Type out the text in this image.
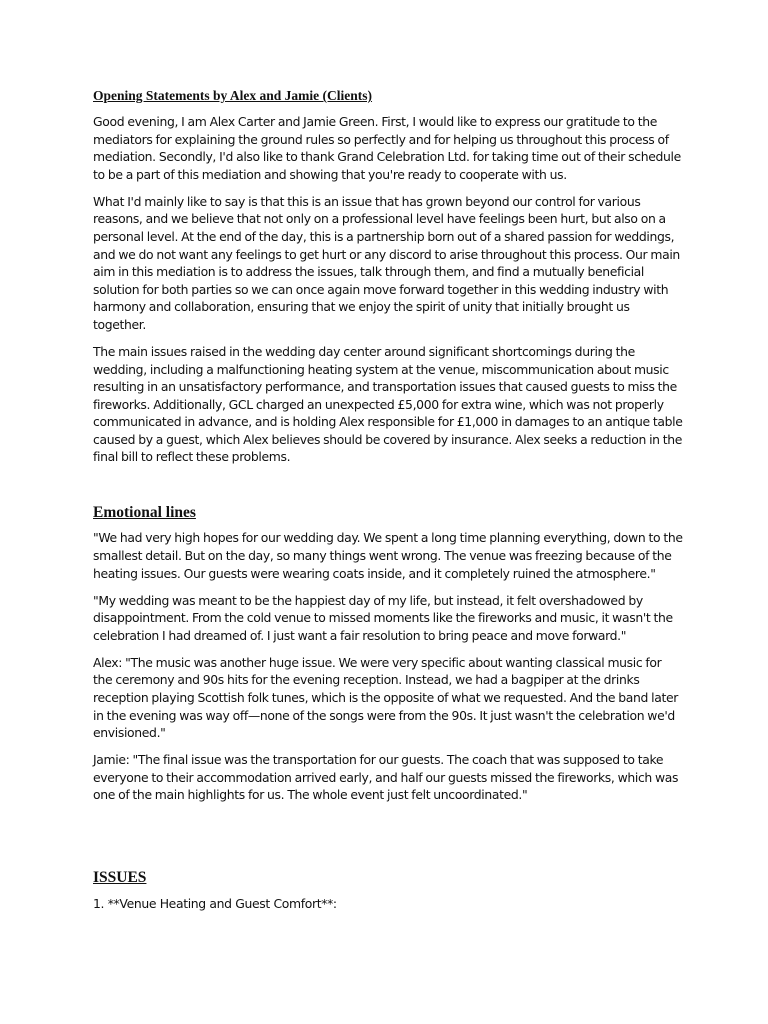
Opening Statements by Alex and Jamie (Clients)

Good evening, I am Alex Carter and Jamie Green. First, I would like to express our gratitude to the mediators for explaining the ground rules so perfectly and for helping us throughout this process of mediation. Secondly, I'd also like to thank Grand Celebration Ltd. for taking time out of their schedule to be a part of this mediation and showing that you're ready to cooperate with us.

What I'd mainly like to say is that this is an issue that has grown beyond our control for various reasons, and we believe that not only on a professional level have feelings been hurt, but also on a personal level. At the end of the day, this is a partnership born out of a shared passion for weddings, and we do not want any feelings to get hurt or any discord to arise throughout this process. Our main aim in this mediation is to address the issues, talk through them, and find a mutually beneficial solution for both parties so we can once again move forward together in this wedding industry with harmony and collaboration, ensuring that we enjoy the spirit of unity that initially brought us together.

The main issues raised in the wedding day center around significant shortcomings during the wedding, including a malfunctioning heating system at the venue, miscommunication about music resulting in an unsatisfactory performance, and transportation issues that caused guests to miss the fireworks. Additionally, GCL charged an unexpected £5,000 for extra wine, which was not properly communicated in advance, and is holding Alex responsible for £1,000 in damages to an antique table caused by a guest, which Alex believes should be covered by insurance. Alex seeks a reduction in the final bill to reflect these problems.

Emotional lines

"We had very high hopes for our wedding day. We spent a long time planning everything, down to the smallest detail. But on the day, so many things went wrong. The venue was freezing because of the heating issues. Our guests were wearing coats inside, and it completely ruined the atmosphere."

"My wedding was meant to be the happiest day of my life, but instead, it felt overshadowed by disappointment. From the cold venue to missed moments like the fireworks and music, it wasn't the celebration I had dreamed of. I just want a fair resolution to bring peace and move forward."

Alex: "The music was another huge issue. We were very specific about wanting classical music for the ceremony and 90s hits for the evening reception. Instead, we had a bagpiper at the drinks reception playing Scottish folk tunes, which is the opposite of what we requested. And the band later in the evening was way off—none of the songs were from the 90s. It just wasn't the celebration we'd envisioned."

Jamie: "The final issue was the transportation for our guests. The coach that was supposed to take everyone to their accommodation arrived early, and half our guests missed the fireworks, which was one of the main highlights for us. The whole event just felt uncoordinated."

ISSUES

1. **Venue Heating and Guest Comfort**:
